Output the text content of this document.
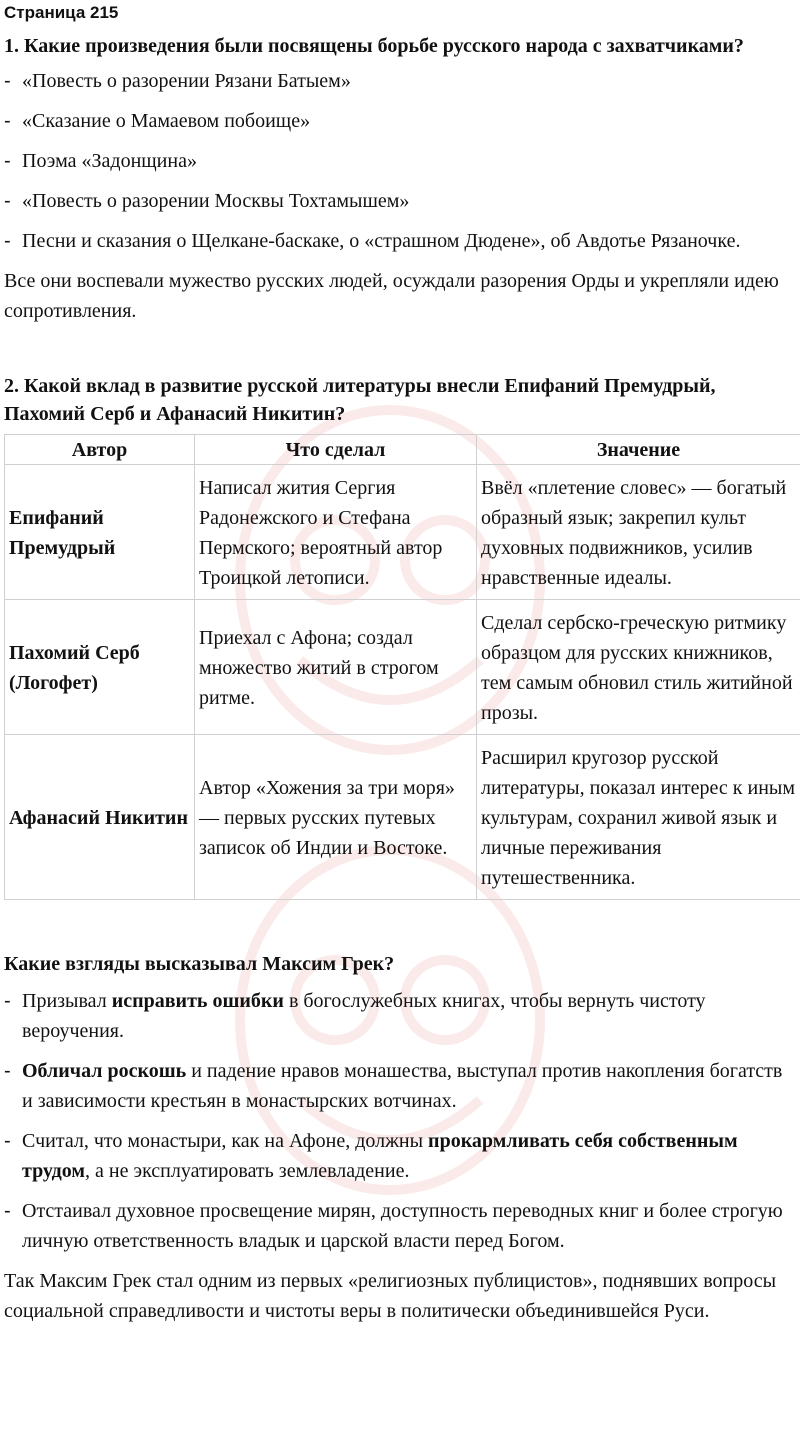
Страница 215
1. Какие произведения были посвящены борьбе русского народа с захватчиками?
- «Повесть о разорении Рязани Батыем»
- «Сказание о Мамаевом побоище»
- Поэма «Задонщина»
- «Повесть о разорении Москвы Тохтамышем»
- Песни и сказания о Щелкане-баскаке, о «страшном Дюдене», об Авдотье Рязаночке.

Все они воспевали мужество русских людей, осуждали разорения Орды и укрепляли идею сопротивления.

2. Какой вклад в развитие русской литературы внесли Епифаний Премудрый, Пахомий Серб и Афанасий Никитин?
Автор	Что сделал	Значение
Епифаний Премудрый	Написал жития Сергия Радонежского и Стефана Пермского; вероятный автор Троицкой летописи.	Ввёл «плетение словес» — богатый образный язык; закрепил культ духовных подвижников, усилив нравственные идеалы.
Пахомий Серб (Логофет)	Приехал с Афона; создал множество житий в строгом ритме.	Сделал сербско-греческую ритмику образцом для русских книжников, тем самым обновил стиль житийной прозы.
Афанасий Никитин	Автор «Хожения за три моря» — первых русских путевых записок об Индии и Востоке.	Расширил кругозор русской литературы, показал интерес к иным культурам, сохранил живой язык и личные переживания путешественника.
Какие взгляды высказывал Максим Грек?
- Призывал исправить ошибки в богослужебных книгах, чтобы вернуть чистоту вероучения.
- Обличал роскошь и падение нравов монашества, выступал против накопления богатств и зависимости крестьян в монастырских вотчинах.
- Считал, что монастыри, как на Афоне, должны прокармливать себя собственным трудом, а не эксплуатировать землевладение.
- Отстаивал духовное просвещение мирян, доступность переводных книг и более строгую личную ответственность владык и царской власти перед Богом.

Так Максим Грек стал одним из первых «религиозных публицистов», поднявших вопросы социальной справедливости и чистоты веры в политически объединившейся Руси.
